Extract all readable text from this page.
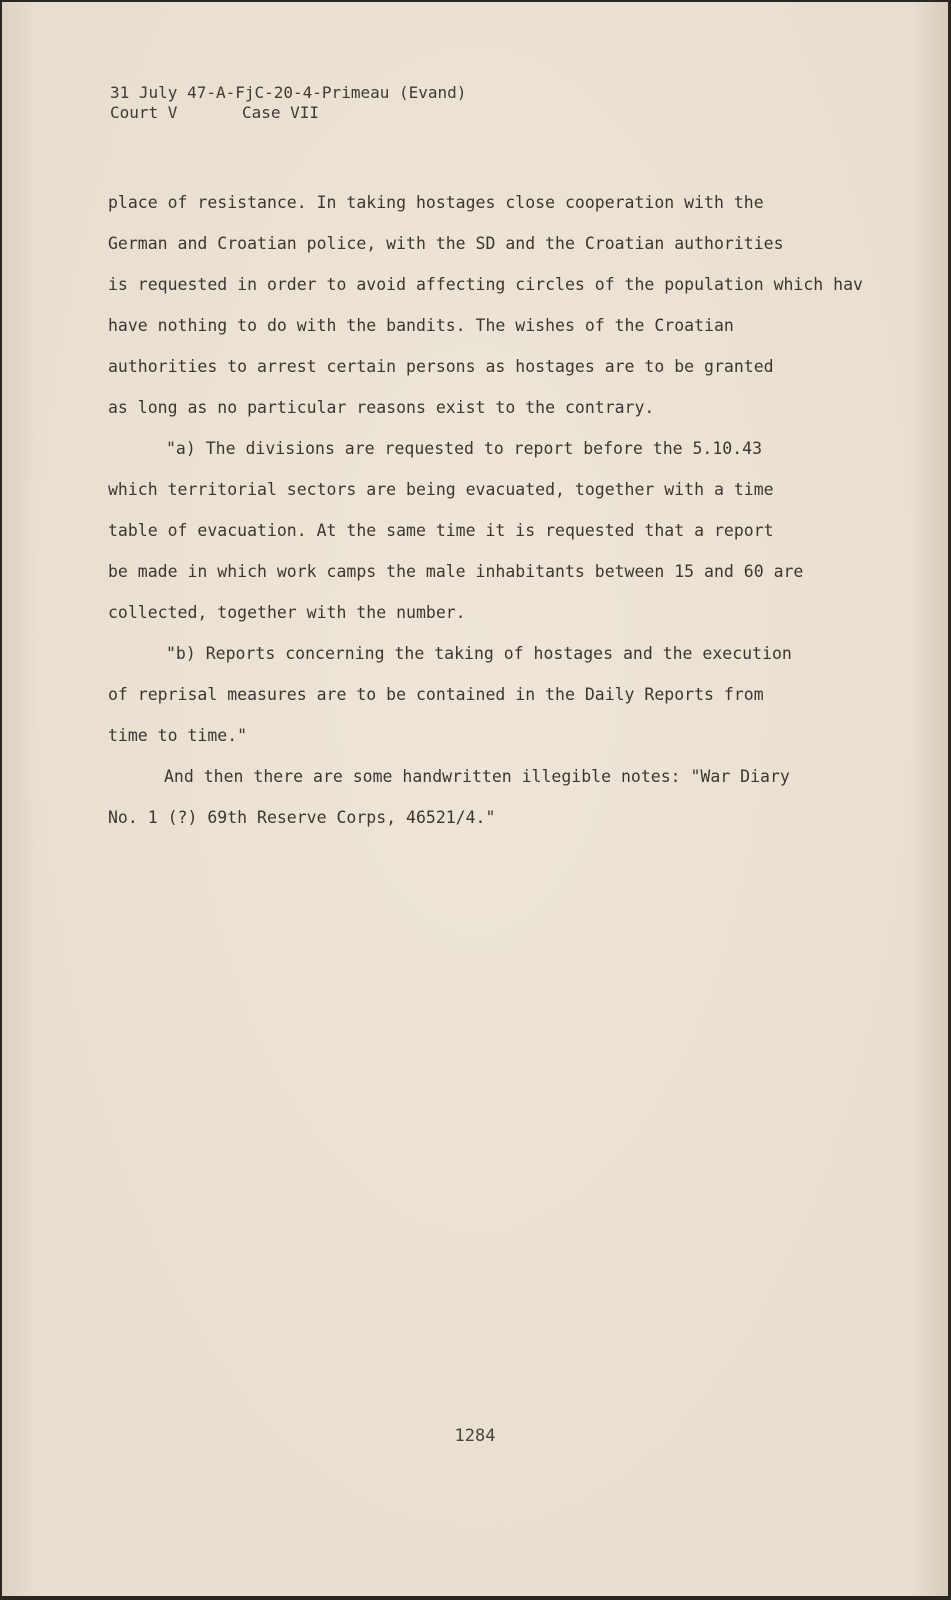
31 July 47-A-FjC-20-4-Primeau (Evand)
Court V	Case VII

place of resistance. In taking hostages close cooperation with the
German and Croatian police, with the SD and the Croatian authorities
is requested in order to avoid affecting circles of the population which hav
have nothing to do with the bandits. The wishes of the Croatian
authorities to arrest certain persons as hostages are to be granted
as long as no particular reasons exist to the contrary.

"a) The divisions are requested to report before the 5.10.43
which territorial sectors are being evacuated, together with a time
table of evacuation. At the same time it is requested that a report
be made in which work camps the male inhabitants between 15 and 60 are
collected, together with the number.

"b) Reports concerning the taking of hostages and the execution
of reprisal measures are to be contained in the Daily Reports from
time to time."

And then there are some handwritten illegible notes: "War Diary
No. 1 (?) 69th Reserve Corps, 46521/4."

1284
